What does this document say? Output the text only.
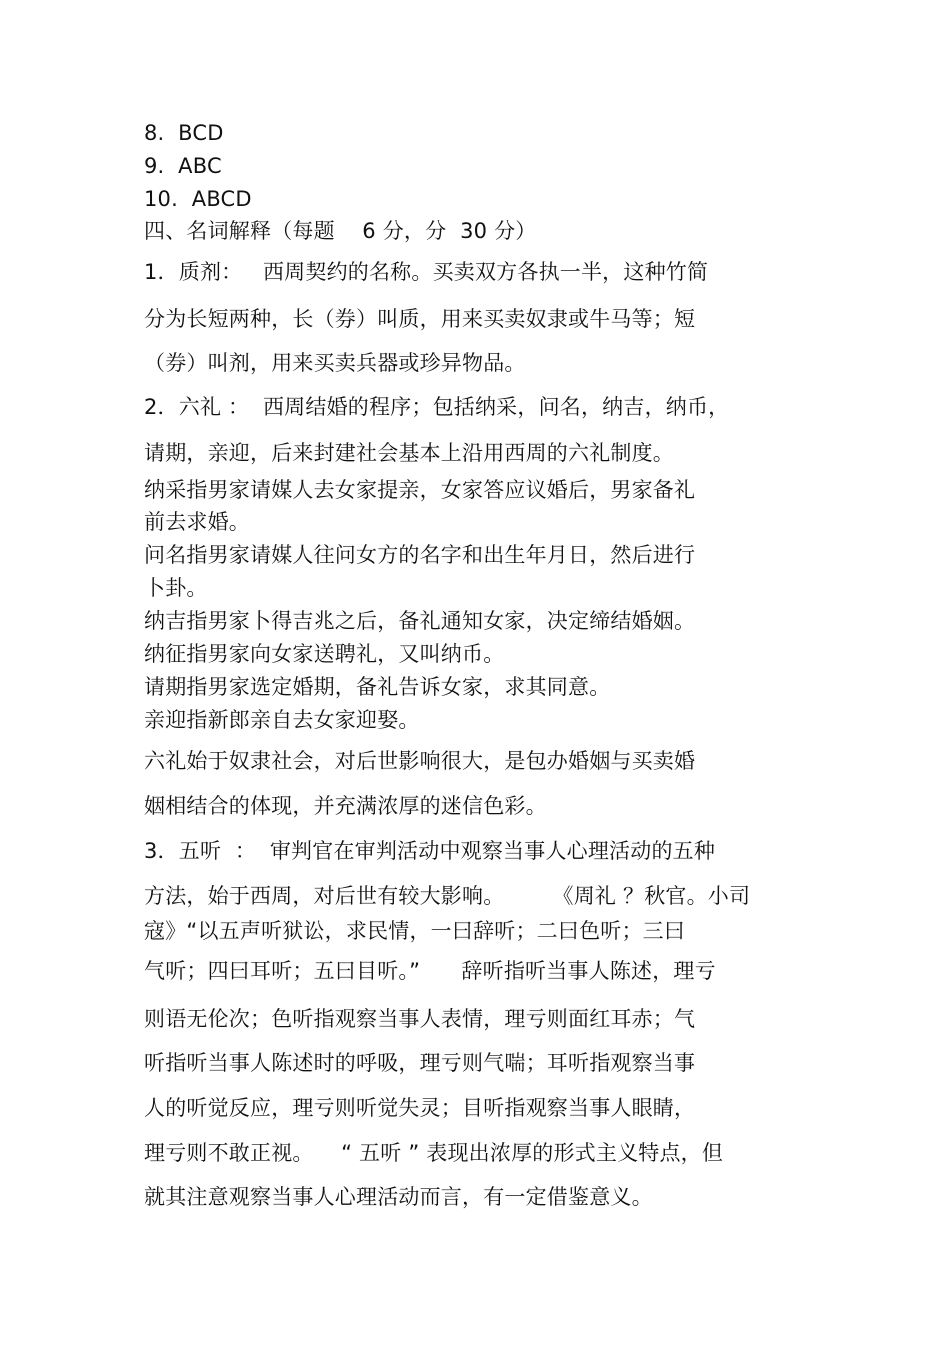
8.  BCD
9.  ABC
10.  ABCD
四、名词解释（每题    6 分，分  30 分）
1．质剂：   西周契约的名称。买卖双方各执一半，这种竹简
分为长短两种，长（券）叫质，用来买卖奴隶或牛马等；短
（券）叫剂，用来买卖兵器或珍异物品。
2．六礼 ：  西周结婚的程序；包括纳采，问名，纳吉，纳币，
请期，亲迎，后来封建社会基本上沿用西周的六礼制度。
纳采指男家请媒人去女家提亲，女家答应议婚后，男家备礼
前去求婚。
问名指男家请媒人往问女方的名字和出生年月日，然后进行
卜卦。
纳吉指男家卜得吉兆之后，备礼通知女家，决定缔结婚姻。
纳征指男家向女家送聘礼，又叫纳币。
请期指男家选定婚期，备礼告诉女家，求其同意。
亲迎指新郎亲自去女家迎娶。
六礼始于奴隶社会，对后世影响很大，是包办婚姻与买卖婚
姻相结合的体现，并充满浓厚的迷信色彩。
3．五听  ：  审判官在审判活动中观察当事人心理活动的五种
方法，始于西周，对后世有较大影响。       《周礼 ？秋官。小司
寇》“以五声听狱讼，求民情，一曰辞听；二曰色听；三曰
气听；四曰耳听；五曰目听。”      辞听指听当事人陈述，理亏
则语无伦次；色听指观察当事人表情，理亏则面红耳赤；气
听指听当事人陈述时的呼吸，理亏则气喘；耳听指观察当事
人的听觉反应，理亏则听觉失灵；目听指观察当事人眼睛，
理亏则不敢正视。    “ 五听 ” 表现出浓厚的形式主义特点，但
就其注意观察当事人心理活动而言，有一定借鉴意义。
